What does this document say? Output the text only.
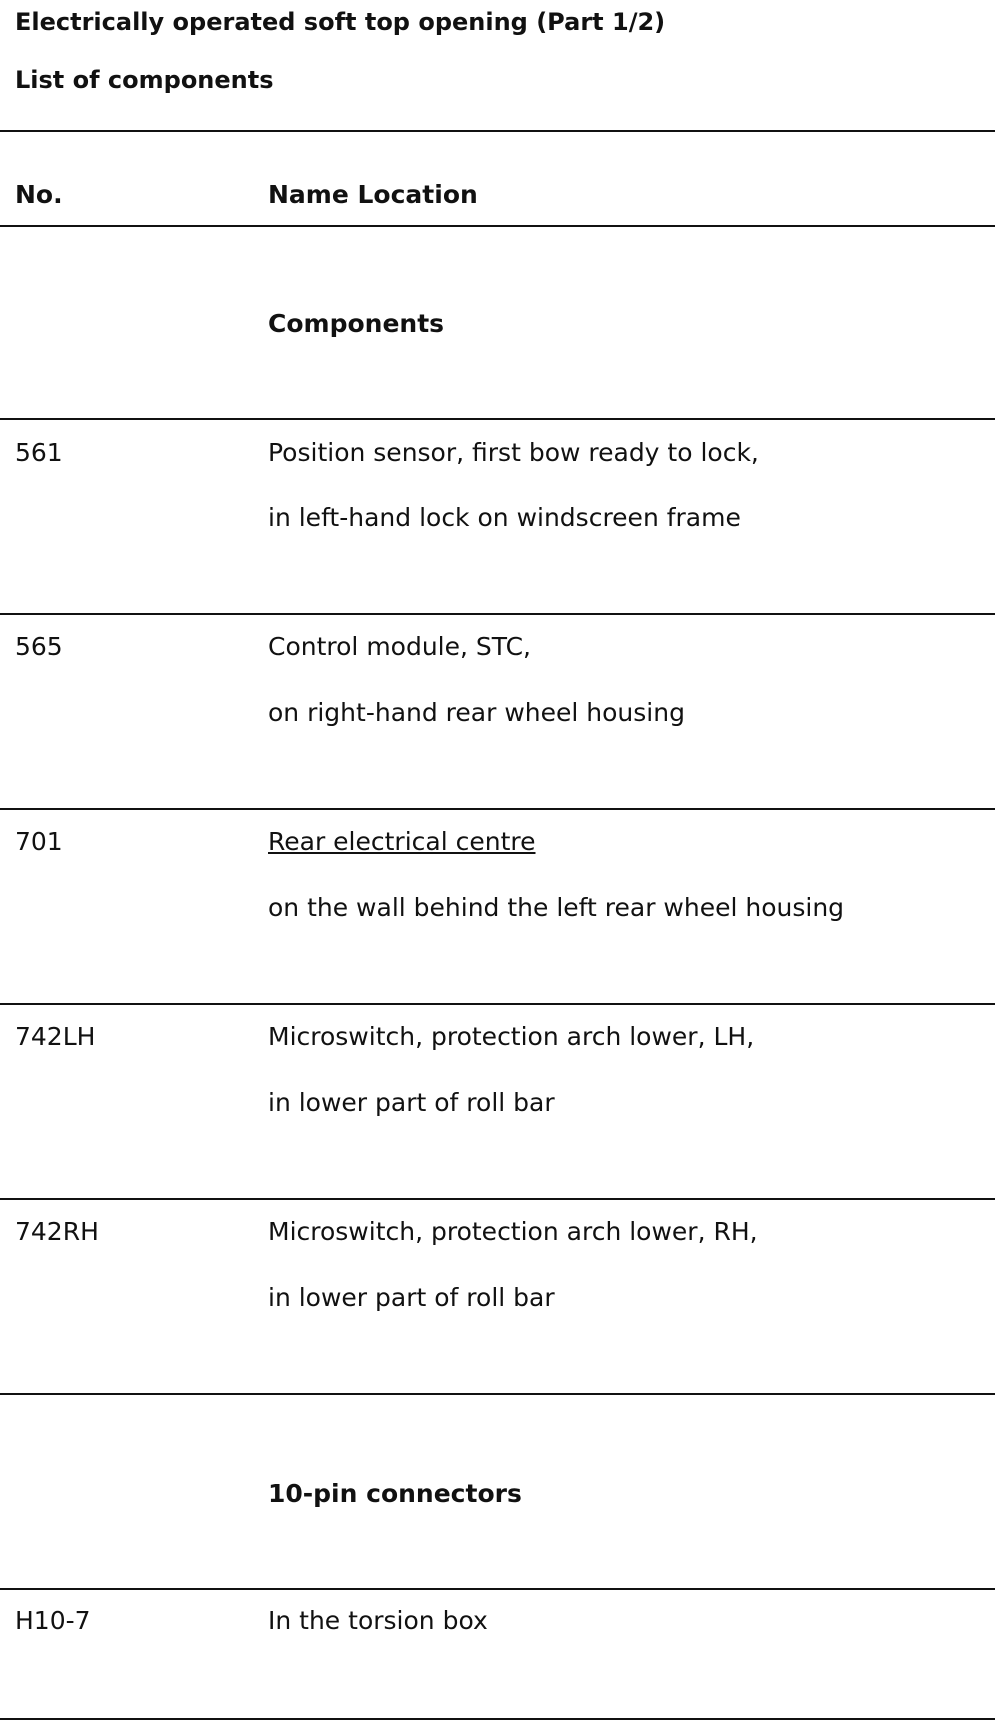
Electrically operated soft top opening (Part 1/2)
List of components
No.	Name Location
Components
561	Position sensor, first bow ready to lock,
in left-hand lock on windscreen frame
565	Control module, STC,
on right-hand rear wheel housing
701	Rear electrical centre
on the wall behind the left rear wheel housing
742LH	Microswitch, protection arch lower, LH,
in lower part of roll bar
742RH	Microswitch, protection arch lower, RH,
in lower part of roll bar
10-pin connectors
H10-7	In the torsion box
